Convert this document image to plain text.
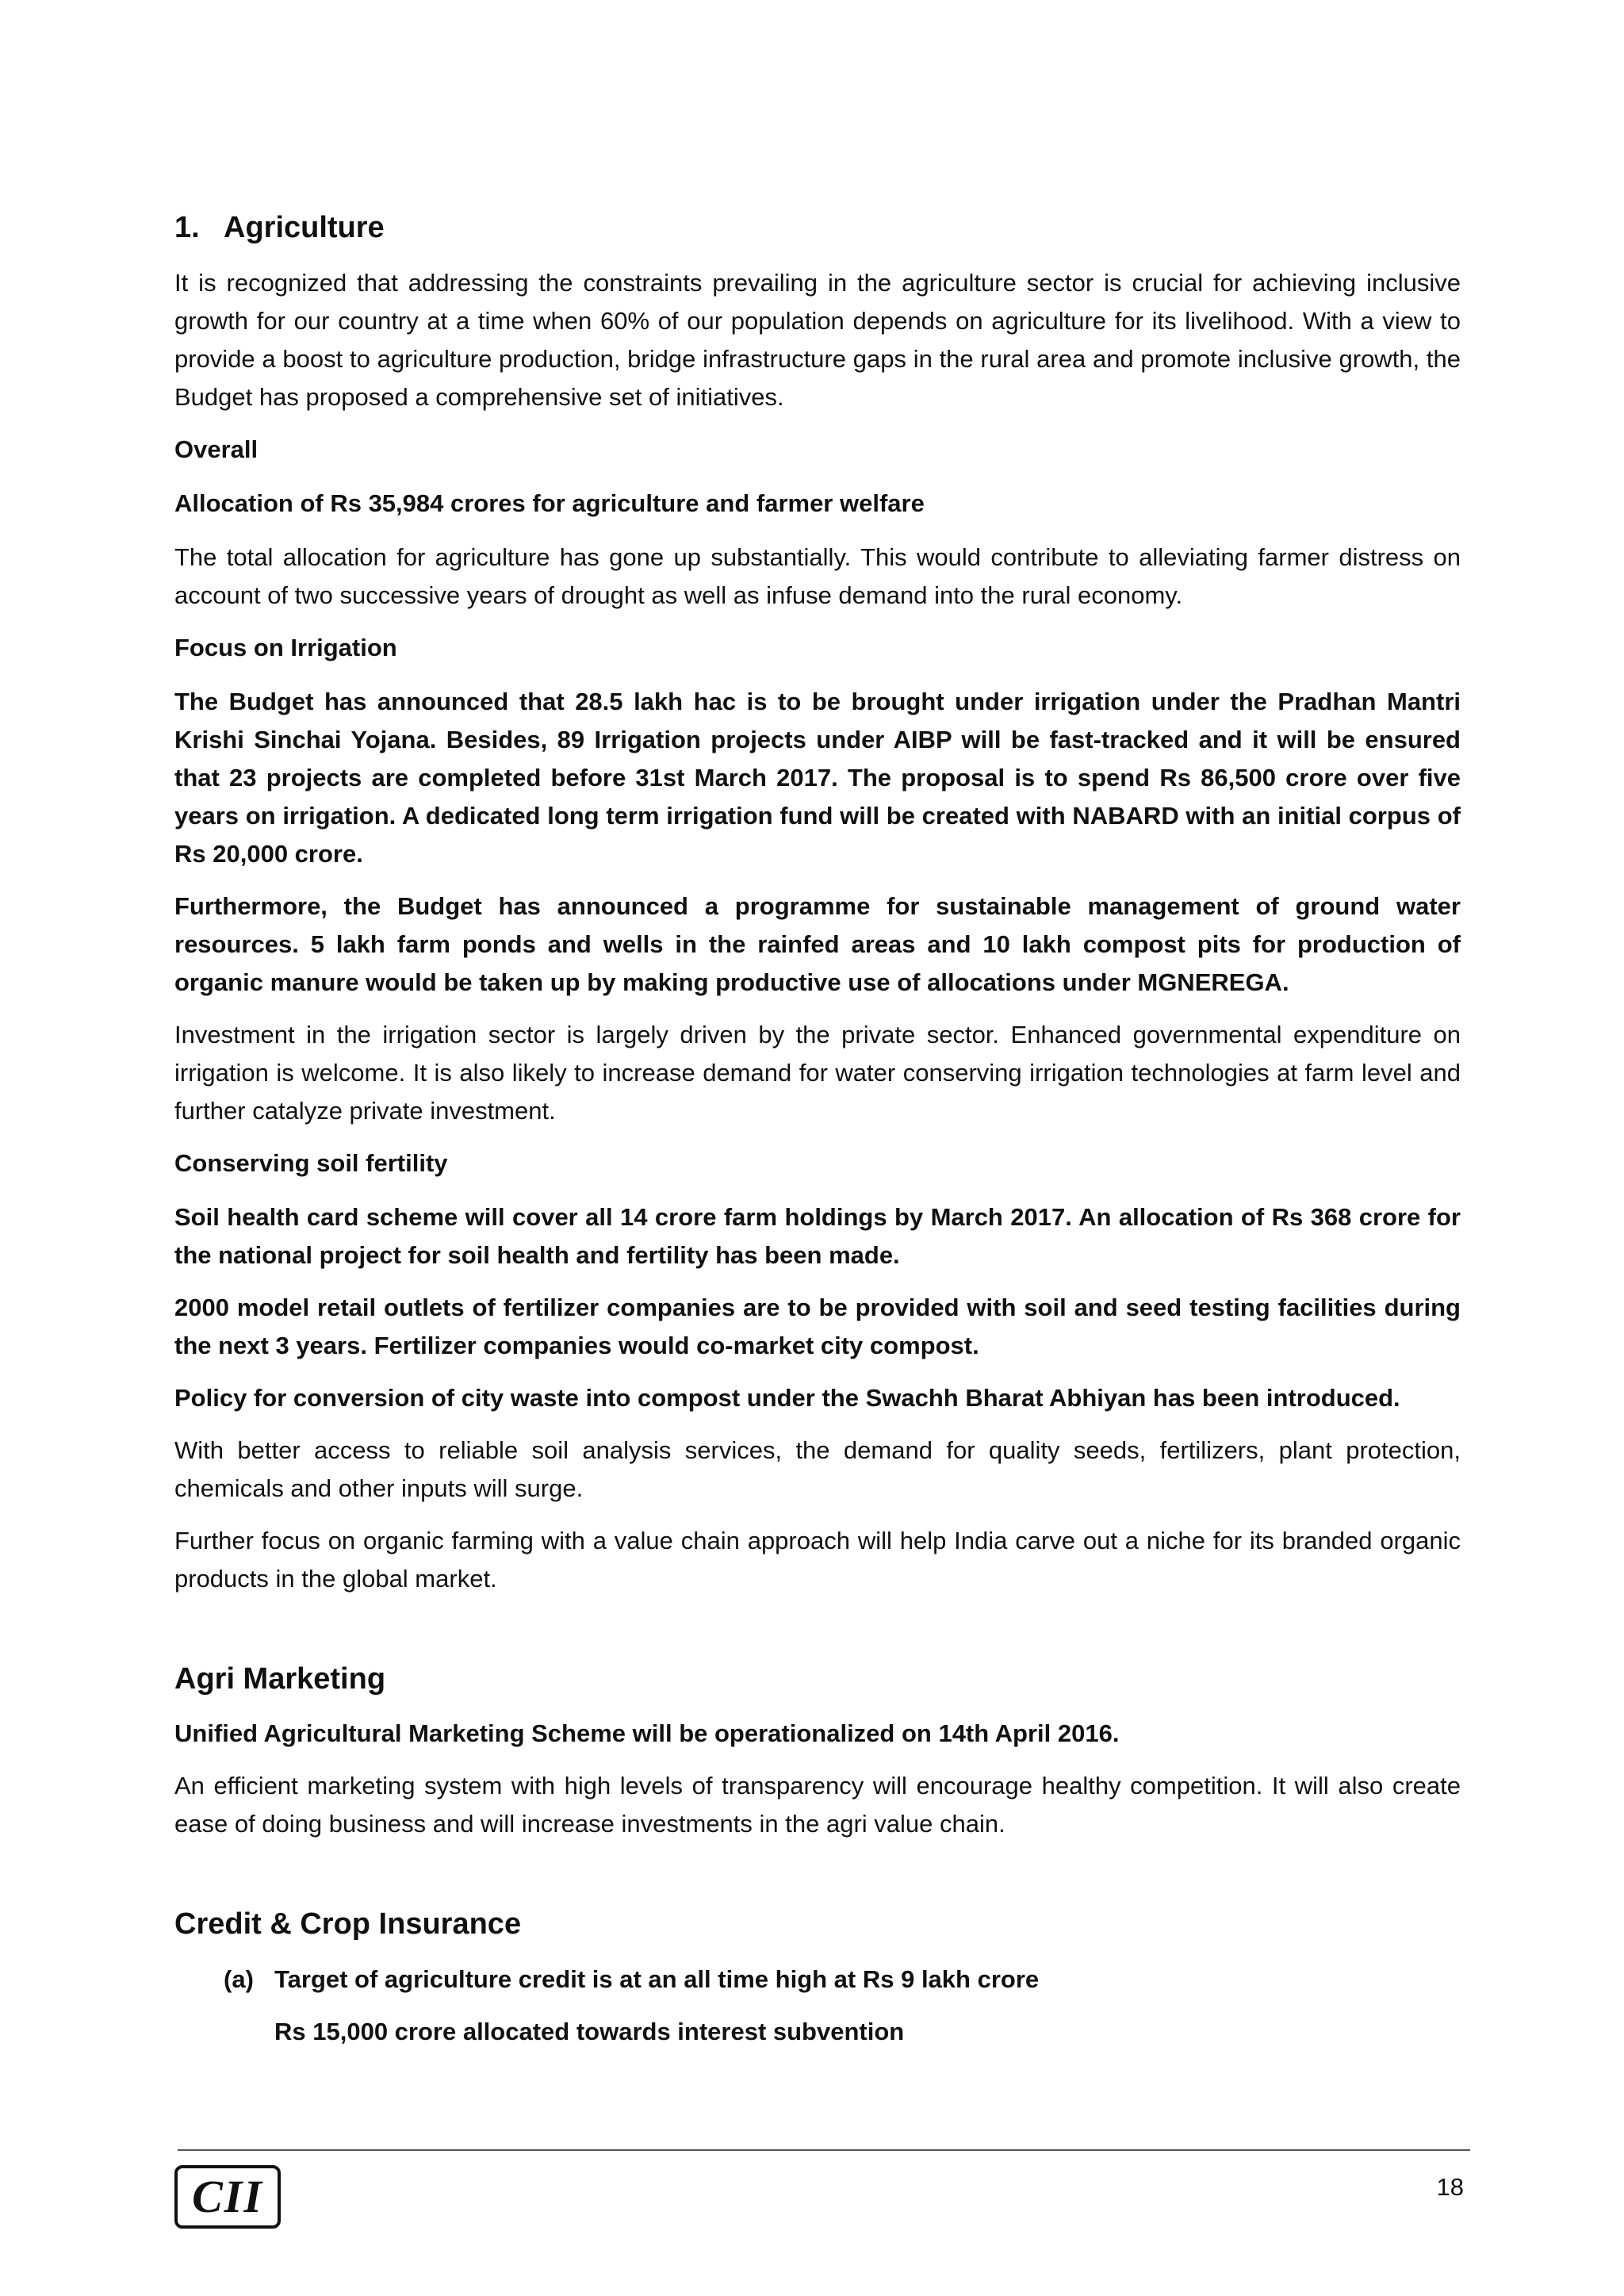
1. Agriculture

It is recognized that addressing the constraints prevailing in the agriculture sector is crucial for achieving inclusive growth for our country at a time when 60% of our population depends on agriculture for its livelihood. With a view to provide a boost to agriculture production, bridge infrastructure gaps in the rural area and promote inclusive growth, the Budget has proposed a comprehensive set of initiatives.

Overall

Allocation of Rs 35,984 crores for agriculture and farmer welfare

The total allocation for agriculture has gone up substantially. This would contribute to alleviating farmer distress on account of two successive years of drought as well as infuse demand into the rural economy.

Focus on Irrigation

The Budget has announced that 28.5 lakh hac is to be brought under irrigation under the Pradhan Mantri Krishi Sinchai Yojana. Besides, 89 Irrigation projects under AIBP will be fast-tracked and it will be ensured that 23 projects are completed before 31st March 2017. The proposal is to spend Rs 86,500 crore over five years on irrigation. A dedicated long term irrigation fund will be created with NABARD with an initial corpus of Rs 20,000 crore.

Furthermore, the Budget has announced a programme for sustainable management of ground water resources. 5 lakh farm ponds and wells in the rainfed areas and 10 lakh compost pits for production of organic manure would be taken up by making productive use of allocations under MGNEREGA.

Investment in the irrigation sector is largely driven by the private sector. Enhanced governmental expenditure on irrigation is welcome. It is also likely to increase demand for water conserving irrigation technologies at farm level and further catalyze private investment.

Conserving soil fertility

Soil health card scheme will cover all 14 crore farm holdings by March 2017. An allocation of Rs 368 crore for the national project for soil health and fertility has been made.

2000 model retail outlets of fertilizer companies are to be provided with soil and seed testing facilities during the next 3 years. Fertilizer companies would co-market city compost.

Policy for conversion of city waste into compost under the Swachh Bharat Abhiyan has been introduced.

With better access to reliable soil analysis services, the demand for quality seeds, fertilizers, plant protection, chemicals and other inputs will surge.

Further focus on organic farming with a value chain approach will help India carve out a niche for its branded organic products in the global market.

Agri Marketing

Unified Agricultural Marketing Scheme will be operationalized on 14th April 2016.

An efficient marketing system with high levels of transparency will encourage healthy competition. It will also create ease of doing business and will increase investments in the agri value chain.

Credit & Crop Insurance
(a) Target of agriculture credit is at an all time high at Rs 9 lakh crore

Rs 15,000 crore allocated towards interest subvention

CII	18
